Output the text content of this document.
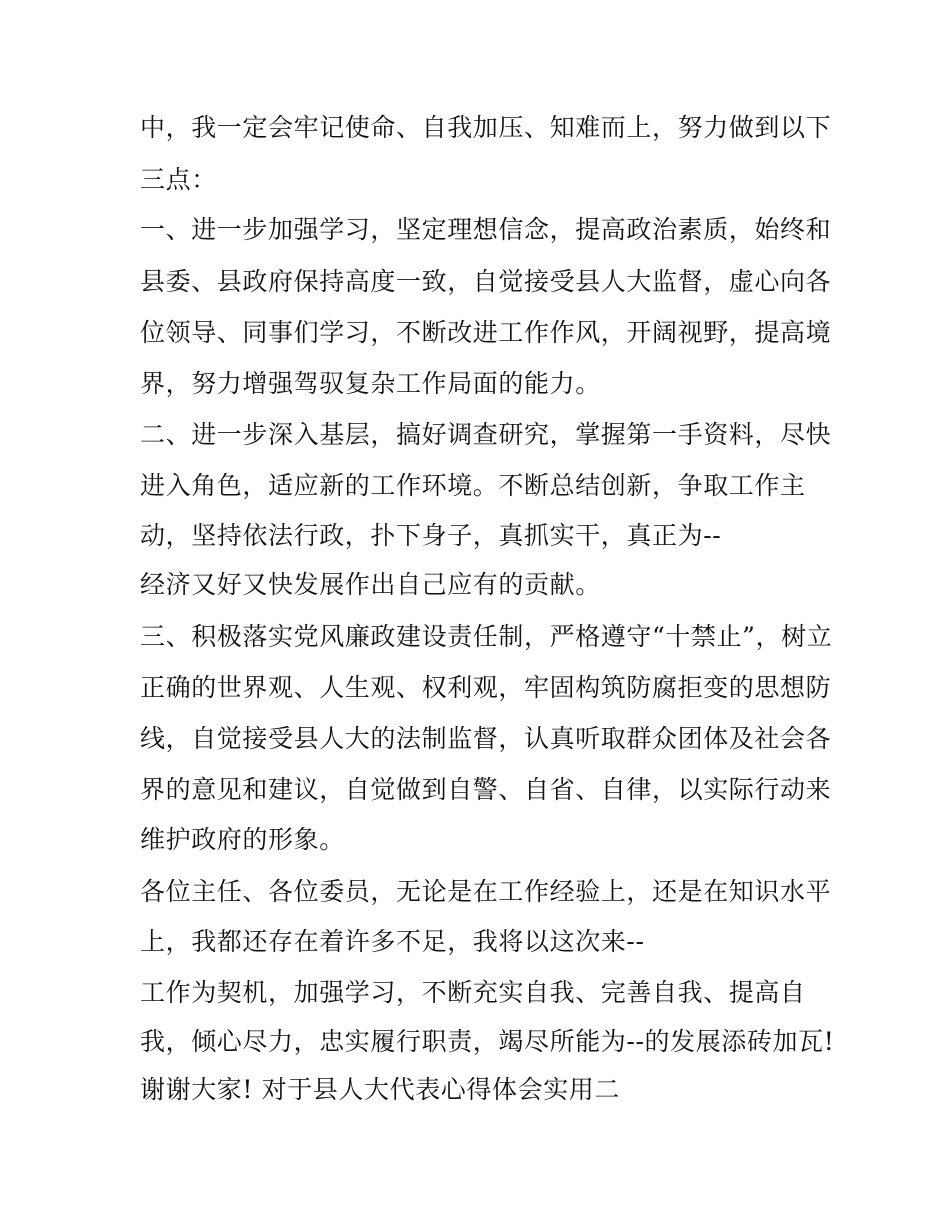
中，我一定会牢记使命、自我加压、知难而上，努力做到以下
三点：
一、进一步加强学习，坚定理想信念，提高政治素质，始终和
县委、县政府保持高度一致，自觉接受县人大监督，虚心向各
位领导、同事们学习，不断改进工作作风，开阔视野，提高境
界，努力增强驾驭复杂工作局面的能力。
二、进一步深入基层，搞好调查研究，掌握第一手资料，尽快
进入角色，适应新的工作环境。不断总结创新，争取工作主
动，坚持依法行政，扑下身子，真抓实干，真正为--
经济又好又快发展作出自己应有的贡献。
三、积极落实党风廉政建设责任制，严格遵守“十禁止”，树立
正确的世界观、人生观、权利观，牢固构筑防腐拒变的思想防
线，自觉接受县人大的法制监督，认真听取群众团体及社会各
界的意见和建议，自觉做到自警、自省、自律，以实际行动来
维护政府的形象。
各位主任、各位委员，无论是在工作经验上，还是在知识水平
上，我都还存在着许多不足，我将以这次来--
工作为契机，加强学习，不断充实自我、完善自我、提高自
我，倾心尽力，忠实履行职责，竭尽所能为--的发展添砖加瓦!
谢谢大家! 对于县人大代表心得体会实用二
